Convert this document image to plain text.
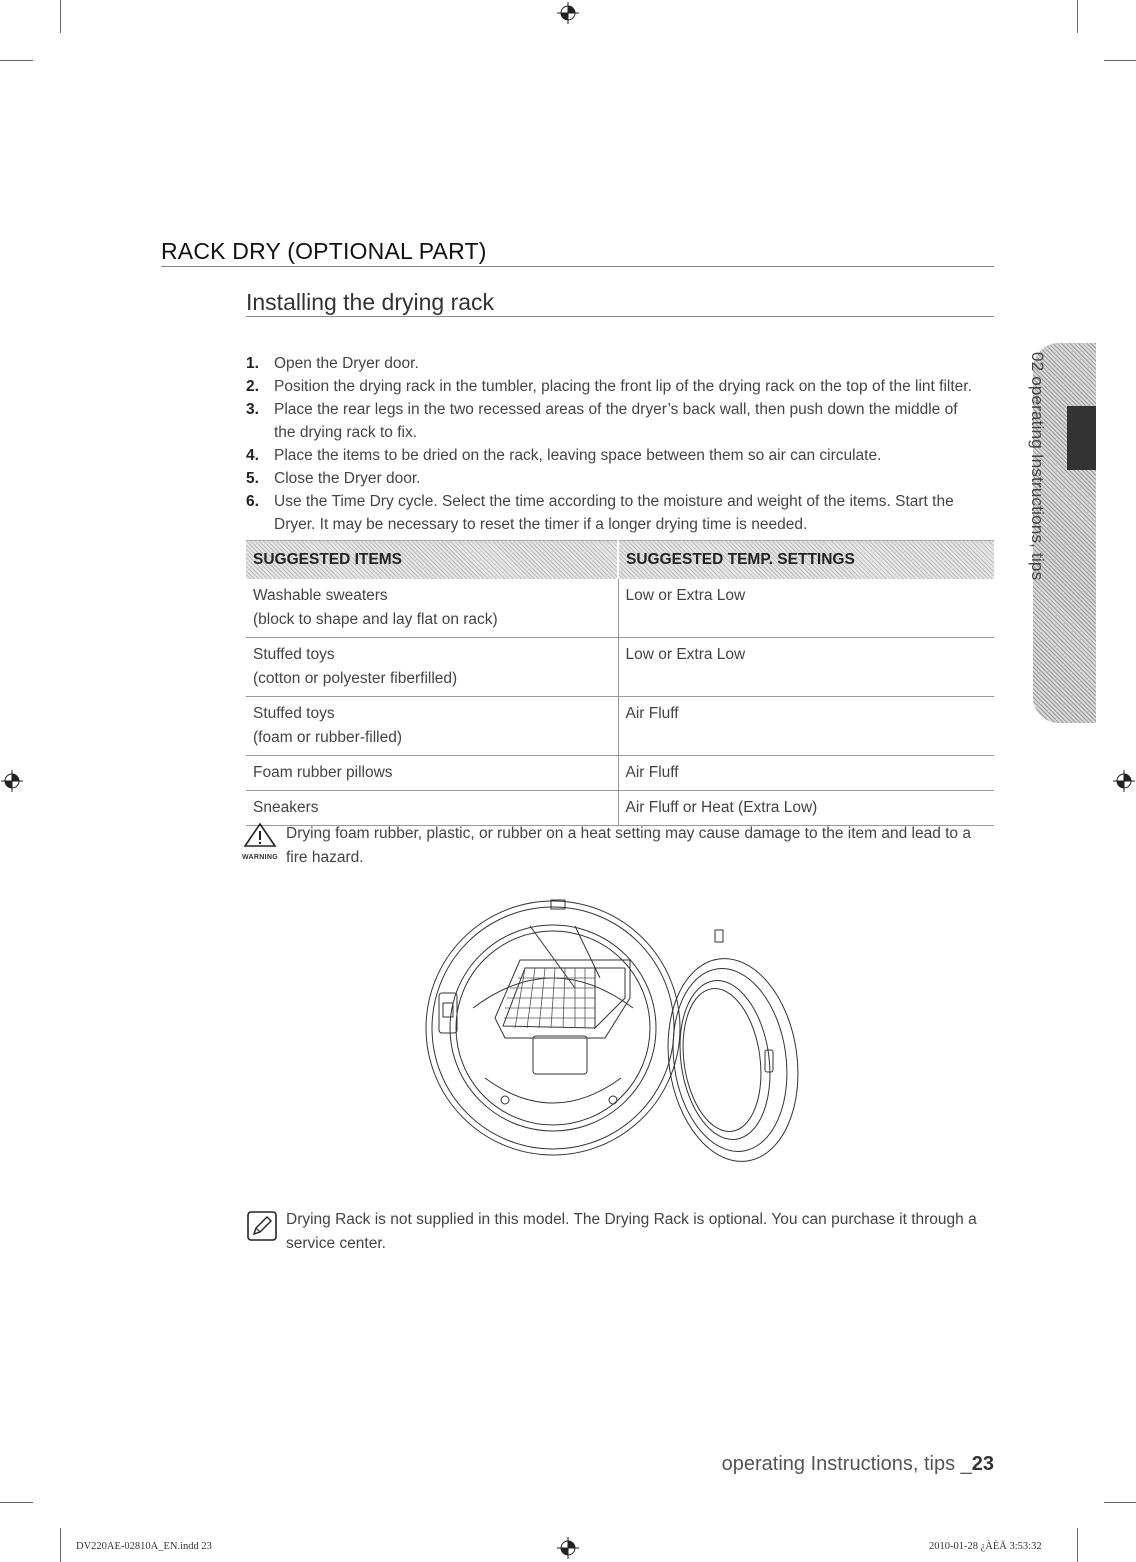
RACK DRY (OPTIONAL PART)
Installing the drying rack
1. Open the Dryer door.
2. Position the drying rack in the tumbler, placing the front lip of the drying rack on the top of the lint filter.
3. Place the rear legs in the two recessed areas of the dryer’s back wall, then push down the middle of the drying rack to fix.
4. Place the items to be dried on the rack, leaving space between them so air can circulate.
5. Close the Dryer door.
6. Use the Time Dry cycle. Select the time according to the moisture and weight of the items. Start the Dryer. It may be necessary to reset the timer if a longer drying time is needed.
SUGGESTED ITEMS	SUGGESTED TEMP. SETTINGS

Washable sweaters
(block to shape and lay flat on rack)	Low or Extra Low

Stuffed toys
(cotton or polyester fiberfilled)	Low or Extra Low

Stuffed toys
(foam or rubber-filled)	Air Fluff

Foam rubber pillows	Air Fluff

Sneakers	Air Fluff or Heat (Extra Low)
WARNING
Drying foam rubber, plastic, or rubber on a heat setting may cause damage to the item and lead to a fire hazard.
Drying Rack is not supplied in this model. The Drying Rack is optional. You can purchase it through a service center.
02 operating Instructions, tips
operating Instructions, tips _23
DV220AE-02810A_EN.indd 23	2010-01-28 ¿ÀÈÄ 3:53:32
